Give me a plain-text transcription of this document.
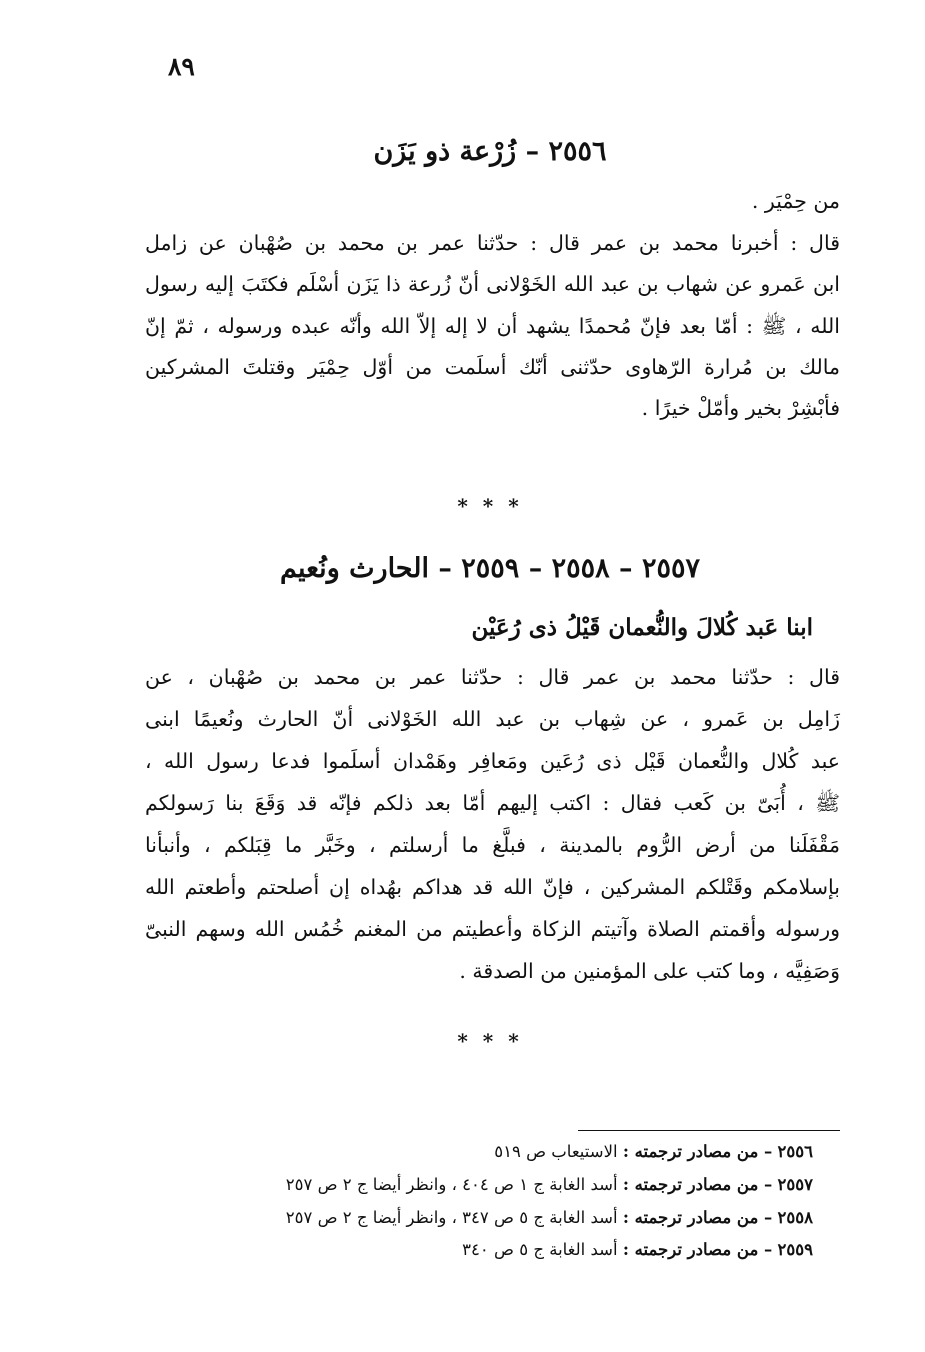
٨٩
٢٥٥٦ – زُرْعة ذو يَزَن
من حِمْيَر .
قال : أخبرنا محمد بن عمر قال : حدّثنا عمر بن محمد بن صُهْبان عن زامل
ابن عَمرو عن شهاب بن عبد الله الخَوْلانى أنّ زُرعة ذا يَزَن أسْلَم فكتَبَ إليه رسول
الله ، ﷺ : أمّا بعد فإنّ مُحمدًا يشهد أن لا إله إلاّ الله وأنّه عبده ورسوله ، ثمّ إنّ
مالك بن مُرارة الرّهاوى حدّثنى أنّك أسلَمت من أوّل حِمْيَر وقتلتَ المشركين
فأبْشِرْ بخير وأمّلْ خيرًا .
* * *
٢٥٥٧ – ٢٥٥٨ – ٢٥٥٩ – الحارث ونُعيم
ابنا عَبد كُلالَ والنُّعمان قَيْلُ ذى رُعَيْن
قال : حدّثنا محمد بن عمر قال : حدّثنا عمر بن محمد بن صُهْبان ، عن
زَامِل بن عَمرو ، عن شِهاب بن عبد الله الخَوْلانى أنّ الحارث ونُعيمًا ابنى
عبد كُلال والنُّعمان قَيْل ذى رُعَين ومَعافِر وهَمْدان أسلَموا فدعا رسول الله ،
ﷺ ، أُبَىّ بن كَعب فقال : اكتب إليهم أمّا بعد ذلكم فإنّه قد وَقَعَ بنا رَسولكم
مَقْفَلَنا من أرض الرُّوم بالمدينة ، فبلَّغ ما أرسلتم ، وخَبَّر ما قِبَلكم ، وأنبأنا
بإسلامكم وقَتْلكم المشركين ، فإنّ الله قد هداكم بهُداه إن أصلحتم وأطعتم الله
ورسوله وأقمتم الصلاة وآتيتم الزكاة وأعطيتم من المغنم خُمُس الله وسهم النبىّ
وَصَفِيَّه ، وما كتب على المؤمنين من الصدقة .
* * *
٢٥٥٦ – من مصادر ترجمته : الاستيعاب ص ٥١٩
٢٥٥٧ – من مصادر ترجمته : أسد الغابة ج ١ ص ٤٠٤ ، وانظر أيضا ج ٢ ص ٢٥٧
٢٥٥٨ – من مصادر ترجمته : أسد الغابة ج ٥ ص ٣٤٧ ، وانظر أيضا ج ٢ ص ٢٥٧
٢٥٥٩ – من مصادر ترجمته : أسد الغابة ج ٥ ص ٣٤٠
